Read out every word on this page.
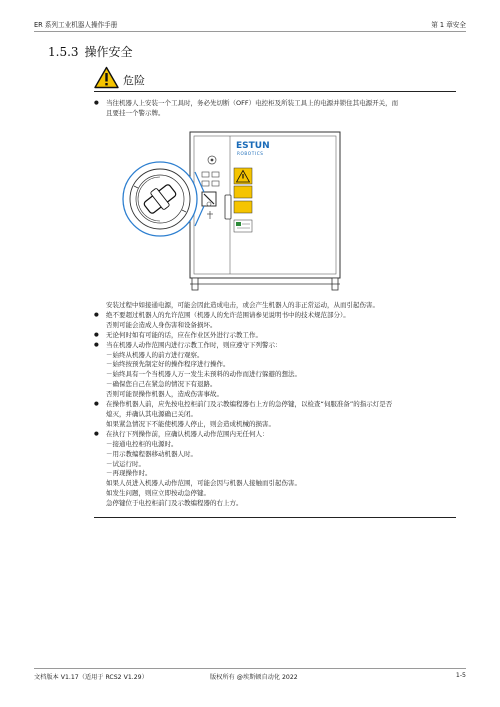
ER 系列工业机器人操作手册	第 1 章安全
1.5.3 操作安全
危险

● 当往机器人上安装一个工具时，务必先切断（OFF）电控柜及所装工具上的电源并锁住其电源开关，而

且要挂一个警示牌。

ESTUN
ROBOTICS

安装过程中如接通电源，可能会因此造成电击，或会产生机器人的非正常运动，从而引起伤害。

● 绝不要超过机器人的允许范围（机器人的允许范围请参见说明书中的技术规范部分）。

否则可能会造成人身伤害和设备损坏。

● 无论何时如有可能的话，应在作业区外进行示教工作。

● 当在机器人动作范围内进行示教工作时，则应遵守下列警示：

－始终从机器人的前方进行观察。

－始终按预先制定好的操作程序进行操作。

－始终具有一个当机器人万一发生未预料的动作而进行躲避的想法。

－确保您自己在紧急的情况下有退路。

否则可能误操作机器人，造成伤害事故。

● 在操作机器人前，应先按电控柜前门及示教编程器右上方的急停键，以检查“伺服准备”的指示灯是否

熄灭，并确认其电源确已关闭。

如果紧急情况下不能使机器人停止，则会造成机械的损害。

● 在执行下列操作前，应确认机器人动作范围内无任何人：

－接通电控柜的电源时。

－用示教编程器移动机器人时。

－试运行时。

－再现操作时。

如果人员进入机器人动作范围，可能会因与机器人接触而引起伤害。

如发生问题，则应立即按动急停键。

急停键位于电控柜前门及示教编程器的右上方。

文档版本 V1.17（适用于 RCS2 V1.29）	版权所有 @埃斯顿自动化 2022	1-5
